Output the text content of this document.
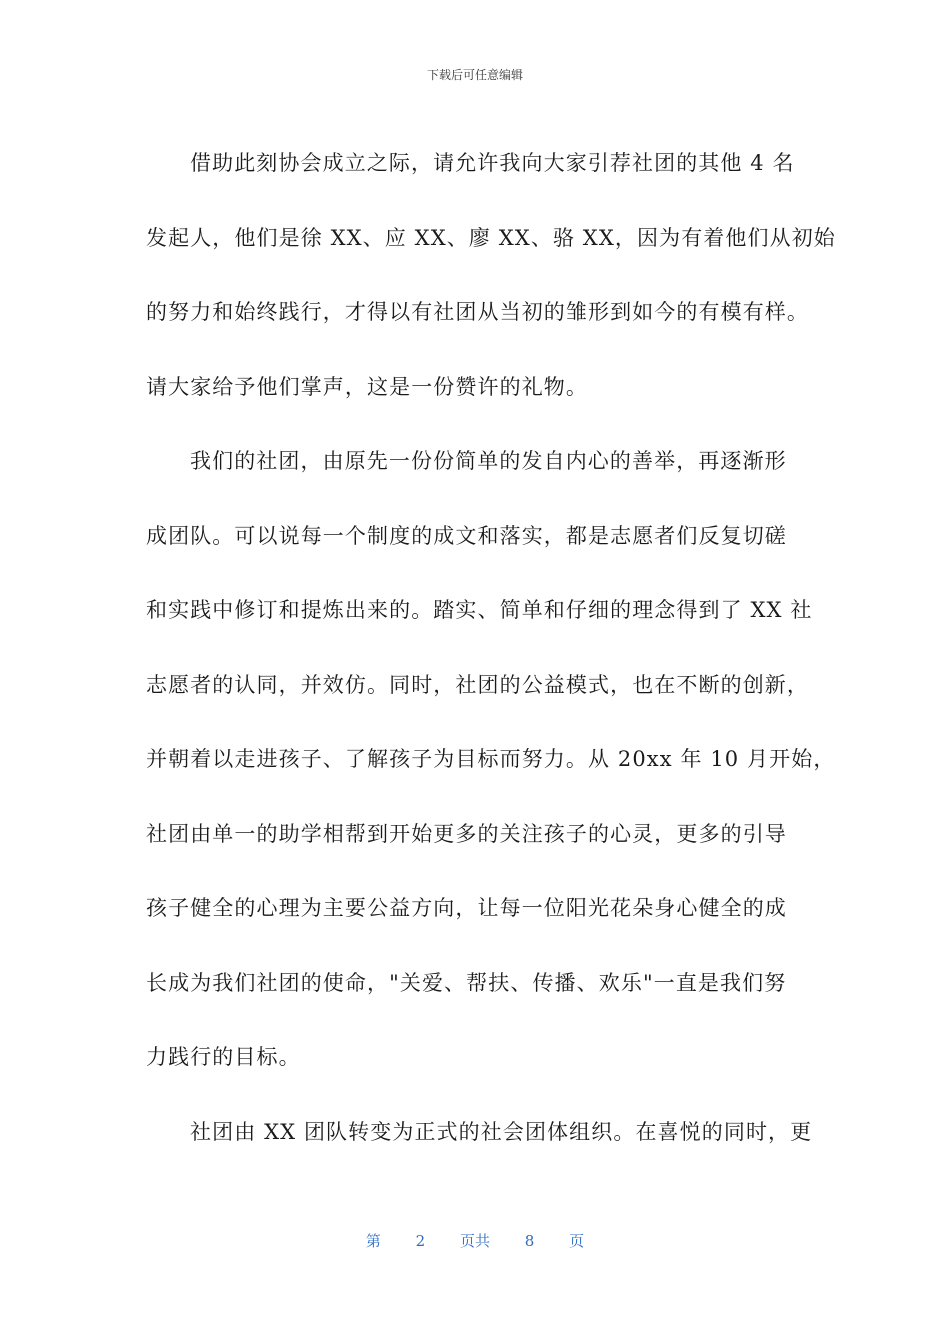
下载后可任意编辑

借助此刻协会成立之际，请允许我向大家引荐社团的其他 4 名
发起人，他们是徐 XX、应 XX、廖 XX、骆 XX，因为有着他们从初始
的努力和始终践行，才得以有社团从当初的雏形到如今的有模有样。
请大家给予他们掌声，这是一份赞许的礼物。

我们的社团，由原先一份份简单的发自内心的善举，再逐渐形
成团队。可以说每一个制度的成文和落实，都是志愿者们反复切磋
和实践中修订和提炼出来的。踏实、简单和仔细的理念得到了 XX 社
志愿者的认同，并效仿。同时，社团的公益模式，也在不断的创新，
并朝着以走进孩子、了解孩子为目标而努力。从 20xx 年 10 月开始，
社团由单一的助学相帮到开始更多的关注孩子的心灵，更多的引导
孩子健全的心理为主要公益方向，让每一位阳光花朵身心健全的成
长成为我们社团的使命，"关爱、帮扶、传播、欢乐"一直是我们努
力践行的目标。

社团由 XX 团队转变为正式的社会团体组织。在喜悦的同时，更

第 2 页共 8 页
